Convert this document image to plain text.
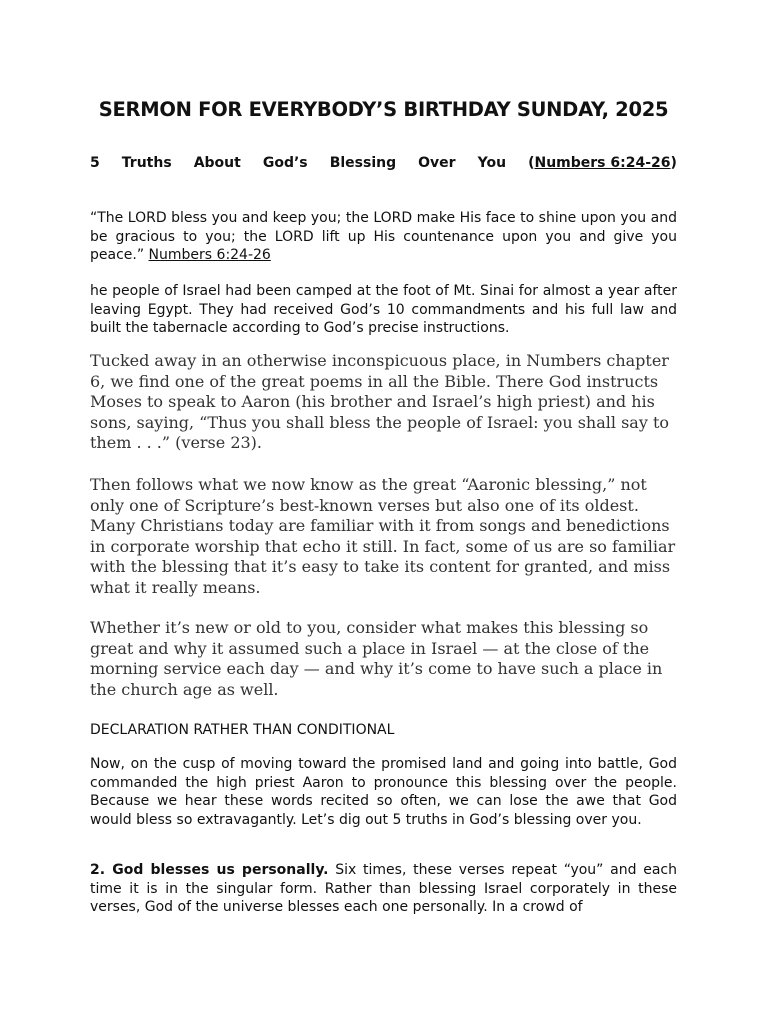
SERMON FOR EVERYBODY’S BIRTHDAY SUNDAY, 2025
5 Truths About God’s Blessing Over You (Numbers 6:24-26)

“The LORD bless you and keep you; the LORD make His face to shine upon you and be gracious to you; the LORD lift up His countenance upon you and give you peace.” Numbers 6:24-26

he people of Israel had been camped at the foot of Mt. Sinai for almost a year after leaving Egypt. They had received God’s 10 commandments and his full law and built the tabernacle according to God’s precise instructions.

Tucked away in an otherwise inconspicuous place, in Numbers chapter 6, we find one of the great poems in all the Bible. There God instructs Moses to speak to Aaron (his brother and Israel’s high priest) and his sons, saying, “Thus you shall bless the people of Israel: you shall say to them . . .” (verse 23).

Then follows what we now know as the great “Aaronic blessing,” not only one of Scripture’s best-known verses but also one of its oldest. Many Christians today are familiar with it from songs and benedictions in corporate worship that echo it still. In fact, some of us are so familiar with the blessing that it’s easy to take its content for granted, and miss what it really means.

Whether it’s new or old to you, consider what makes this blessing so great and why it assumed such a place in Israel — at the close of the morning service each day — and why it’s come to have such a place in the church age as well.

DECLARATION RATHER THAN CONDITIONAL

Now, on the cusp of moving toward the promised land and going into battle, God commanded the high priest Aaron to pronounce this blessing over the people. Because we hear these words recited so often, we can lose the awe that God would bless so extravagantly. Let’s dig out 5 truths in God’s blessing over you.

2. God blesses us personally. Six times, these verses repeat “you” and each time it is in the singular form. Rather than blessing Israel corporately in these verses, God of the universe blesses each one personally. In a crowd of
